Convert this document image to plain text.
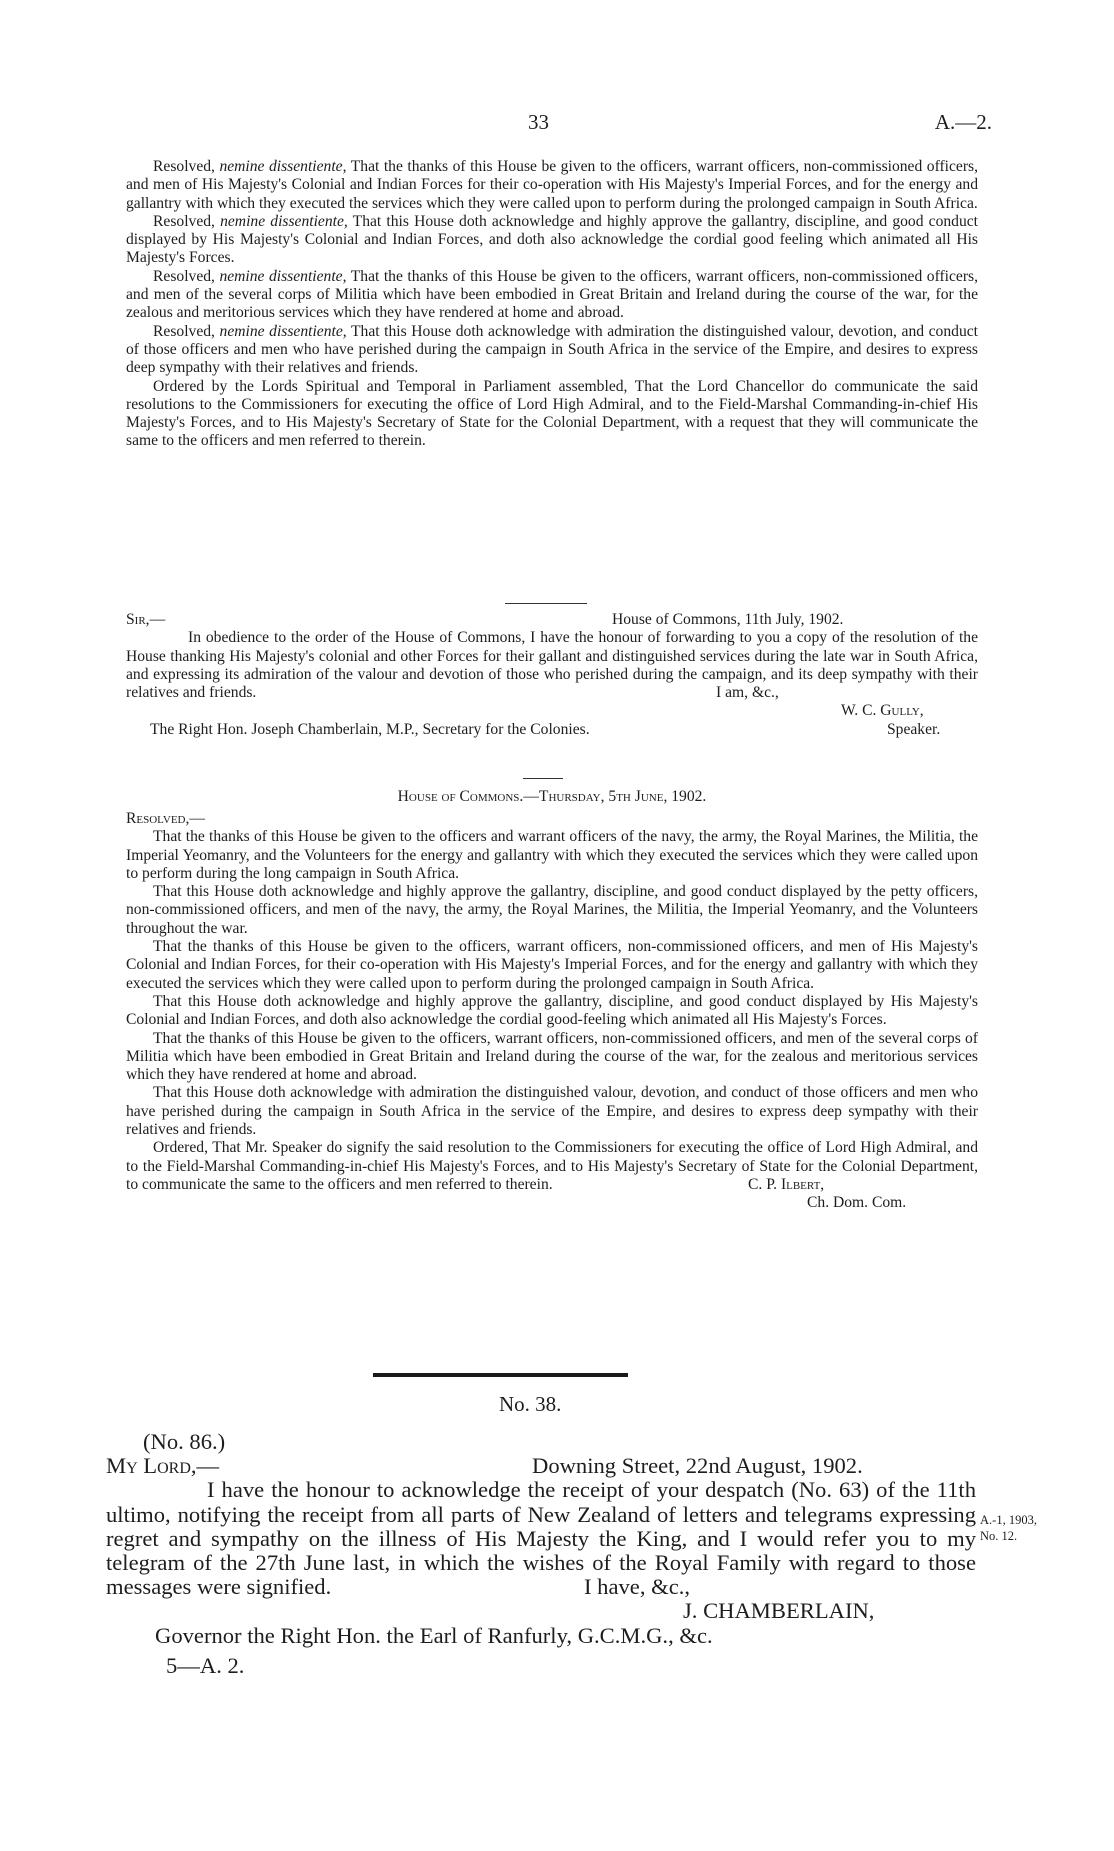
33	A.—2.

Resolved, nemine dissentiente, That the thanks of this House be given to the officers, warrant officers, non-commissioned officers, and men of His Majesty's Colonial and Indian Forces for their co-operation with His Majesty's Imperial Forces, and for the energy and gallantry with which they executed the services which they were called upon to perform during the prolonged campaign in South Africa.

Resolved, nemine dissentiente, That this House doth acknowledge and highly approve the gallantry, discipline, and good conduct displayed by His Majesty's Colonial and Indian Forces, and doth also acknowledge the cordial good feeling which animated all His Majesty's Forces.

Resolved, nemine dissentiente, That the thanks of this House be given to the officers, warrant officers, non-commissioned officers, and men of the several corps of Militia which have been embodied in Great Britain and Ireland during the course of the war, for the zealous and meritorious services which they have rendered at home and abroad.

Resolved, nemine dissentiente, That this House doth acknowledge with admiration the distinguished valour, devotion, and conduct of those officers and men who have perished during the campaign in South Africa in the service of the Empire, and desires to express deep sympathy with their relatives and friends.

Ordered by the Lords Spiritual and Temporal in Parliament assembled, That the Lord Chancellor do communicate the said resolutions to the Commissioners for executing the office of Lord High Admiral, and to the Field-Marshal Commanding-in-chief His Majesty's Forces, and to His Majesty's Secretary of State for the Colonial Department, with a request that they will communicate the same to the officers and men referred to therein.

Sir,—	House of Commons, 11th July, 1902.

In obedience to the order of the House of Commons, I have the honour of forwarding to you a copy of the resolution of the House thanking His Majesty's colonial and other Forces for their gallant and distinguished services during the late war in South Africa, and expressing its admiration of the valour and devotion of those who perished during the campaign, and its deep sympathy with their relatives and friends.	I am, &c.,
W. C. Gully,
The Right Hon. Joseph Chamberlain, M.P., Secretary for the Colonies.	Speaker.
House of Commons.—Thursday, 5th June, 1902.
Resolved,—

That the thanks of this House be given to the officers and warrant officers of the navy, the army, the Royal Marines, the Militia, the Imperial Yeomanry, and the Volunteers for the energy and gallantry with which they executed the services which they were called upon to perform during the long campaign in South Africa.

That this House doth acknowledge and highly approve the gallantry, discipline, and good conduct displayed by the petty officers, non-commissioned officers, and men of the navy, the army, the Royal Marines, the Militia, the Imperial Yeomanry, and the Volunteers throughout the war.

That the thanks of this House be given to the officers, warrant officers, non-commissioned officers, and men of His Majesty's Colonial and Indian Forces, for their co-operation with His Majesty's Imperial Forces, and for the energy and gallantry with which they executed the services which they were called upon to perform during the prolonged campaign in South Africa.

That this House doth acknowledge and highly approve the gallantry, discipline, and good conduct displayed by His Majesty's Colonial and Indian Forces, and doth also acknowledge the cordial good-feeling which animated all His Majesty's Forces.

That the thanks of this House be given to the officers, warrant officers, non-commissioned officers, and men of the several corps of Militia which have been embodied in Great Britain and Ireland during the course of the war, for the zealous and meritorious services which they have rendered at home and abroad.

That this House doth acknowledge with admiration the distinguished valour, devotion, and conduct of those officers and men who have perished during the campaign in South Africa in the service of the Empire, and desires to express deep sympathy with their relatives and friends.

Ordered, That Mr. Speaker do signify the said resolution to the Commissioners for executing the office of Lord High Admiral, and to the Field-Marshal Commanding-in-chief His Majesty's Forces, and to His Majesty's Secretary of State for the Colonial Department, to communicate the same to the officers and men referred to therein.	C. P. Ilbert,
Ch. Dom. Com.
No. 38.
(No. 86.)
My Lord,—	Downing Street, 22nd August, 1902.

I have the honour to acknowledge the receipt of your despatch (No. 63) of the 11th ultimo, notifying the receipt from all parts of New Zealand of letters and telegrams expressing regret and sympathy on the illness of His Majesty the King, and I would refer you to my telegram of the 27th June last, in which the wishes of the Royal Family with regard to those messages were signified.	I have, &c.,
J. CHAMBERLAIN,
Governor the Right Hon. the Earl of Ranfurly, G.C.M.G., &c.
5—A. 2.
A.-1, 1903,
No. 12.
